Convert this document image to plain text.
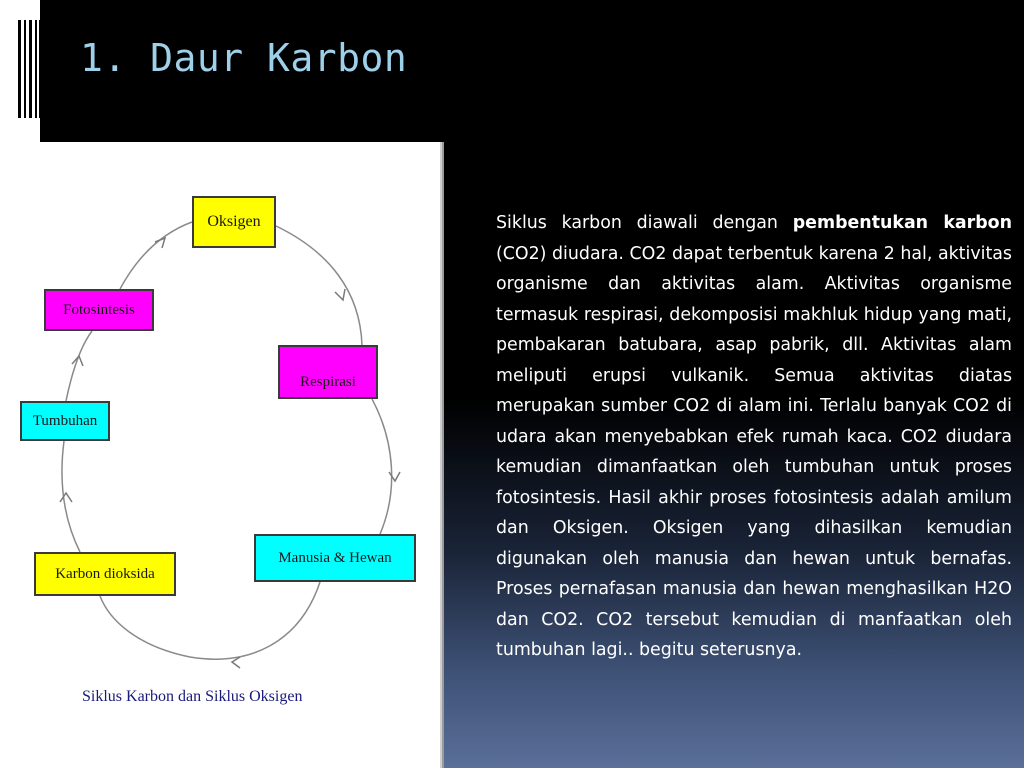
1. Daur Karbon
Oksigen
Fotosintesis
Respirasi
Tumbuhan
Manusia & Hewan
Karbon dioksida
Siklus Karbon dan Siklus Oksigen

Siklus karbon diawali dengan pembentukan karbon (CO2) diudara. CO2 dapat terbentuk karena 2 hal, aktivitas organisme dan aktivitas alam. Aktivitas organisme termasuk respirasi, dekomposisi makhluk hidup yang mati, pembakaran batubara, asap pabrik, dll. Aktivitas alam meliputi erupsi vulkanik. Semua aktivitas diatas merupakan sumber CO2 di alam ini. Terlalu banyak CO2 di udara akan menyebabkan efek rumah kaca. CO2 diudara kemudian dimanfaatkan oleh tumbuhan untuk proses fotosintesis. Hasil akhir proses fotosintesis adalah amilum dan Oksigen. Oksigen yang dihasilkan kemudian digunakan oleh manusia dan hewan untuk bernafas. Proses pernafasan manusia dan hewan menghasilkan H2O dan CO2. CO2 tersebut kemudian di manfaatkan oleh tumbuhan lagi.. begitu seterusnya.
